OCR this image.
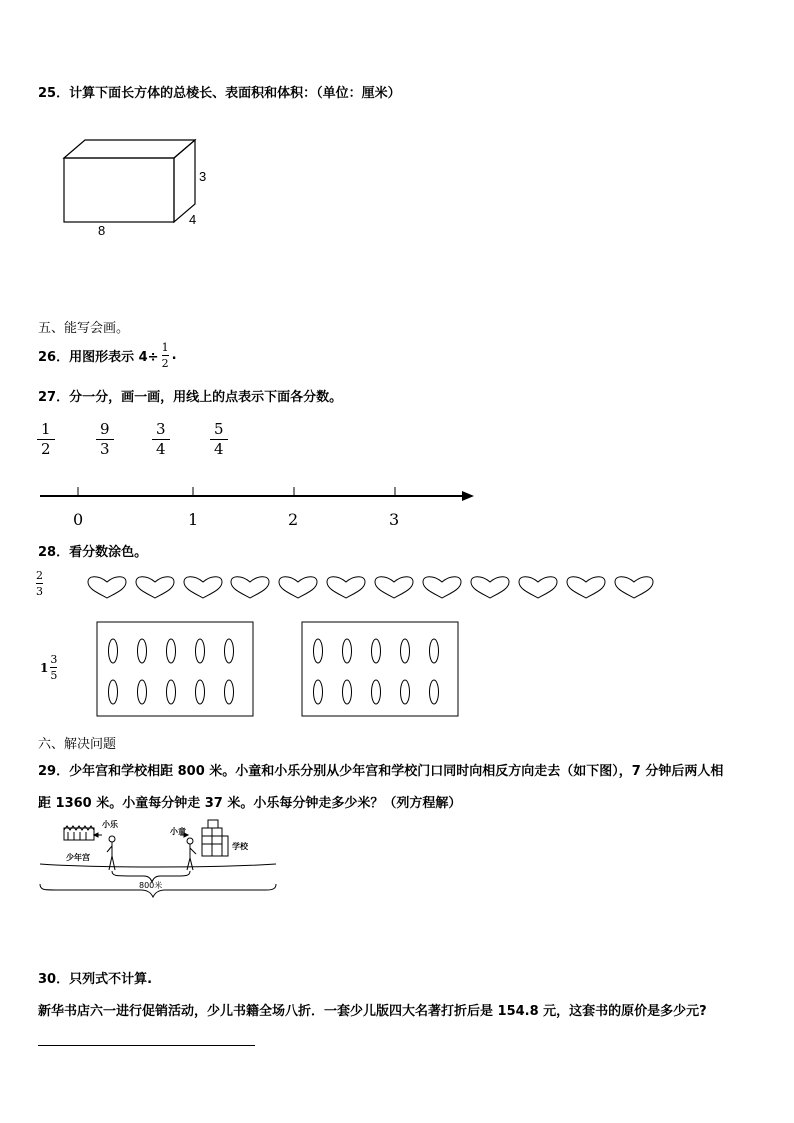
25．计算下面长方体的总棱长、表面积和体积：（单位：厘米）
3
4
8
五、能写会画。
26．用图形表示 $4\div \frac{1}{2}$ .
27．分一分，画一画，用线上的点表示下面各分数。
1
2
9
3
3
4
5
4
0	1	2	3
28．看分数涂色。
2
3
$1 \frac{3}{5}$
六、解决问题
29．少年宫和学校相距 800 米。小童和小乐分别从少年宫和学校门口同时向相反方向走去（如下图），7 分钟后两人相
距 1360 米。小童每分钟走 37 米。小乐每分钟走多少米？（列方程解）
小乐
少年宫
小童
学校
800米
30．只列式不计算.
新华书店六一进行促销活动，少儿书籍全场八折．一套少儿版四大名著打折后是 154.8 元，这套书的原价是多少元?
